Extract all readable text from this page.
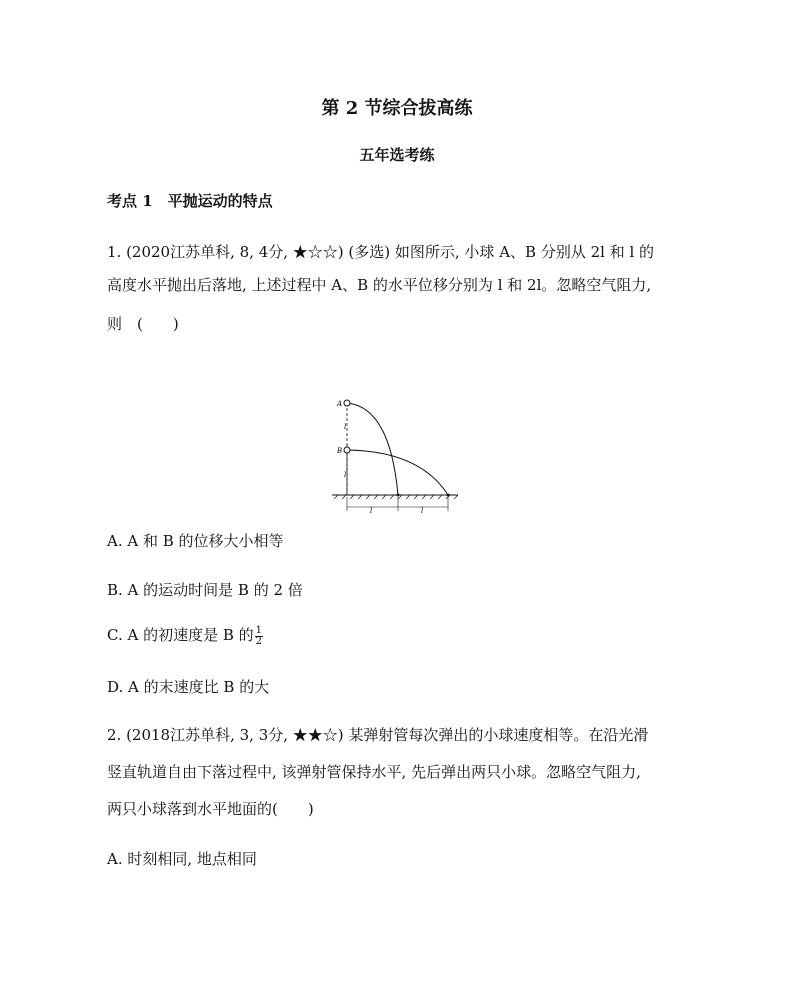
第 2 节综合拔高练
五年选考练
考点 1　平抛运动的特点
1. (2020江苏单科, 8, 4分, ★☆☆) (多选) 如图所示, 小球 A、B 分别从 2l 和 l 的
高度水平抛出后落地, 上述过程中 A、B 的水平位移分别为 l 和 2l。忽略空气阻力,
则　(　　)
A
B
l
l
l	l
A. A 和 B 的位移大小相等
B. A 的运动时间是 B 的 2 倍
C. A 的初速度是 B 的 $\frac{1}{2}$
D. A 的末速度比 B 的大
2. (2018江苏单科, 3, 3分, ★★☆) 某弹射管每次弹出的小球速度相等。在沿光滑
竖直轨道自由下落过程中, 该弹射管保持水平, 先后弹出两只小球。忽略空气阻力,
两只小球落到水平地面的(　　)
A. 时刻相同, 地点相同
